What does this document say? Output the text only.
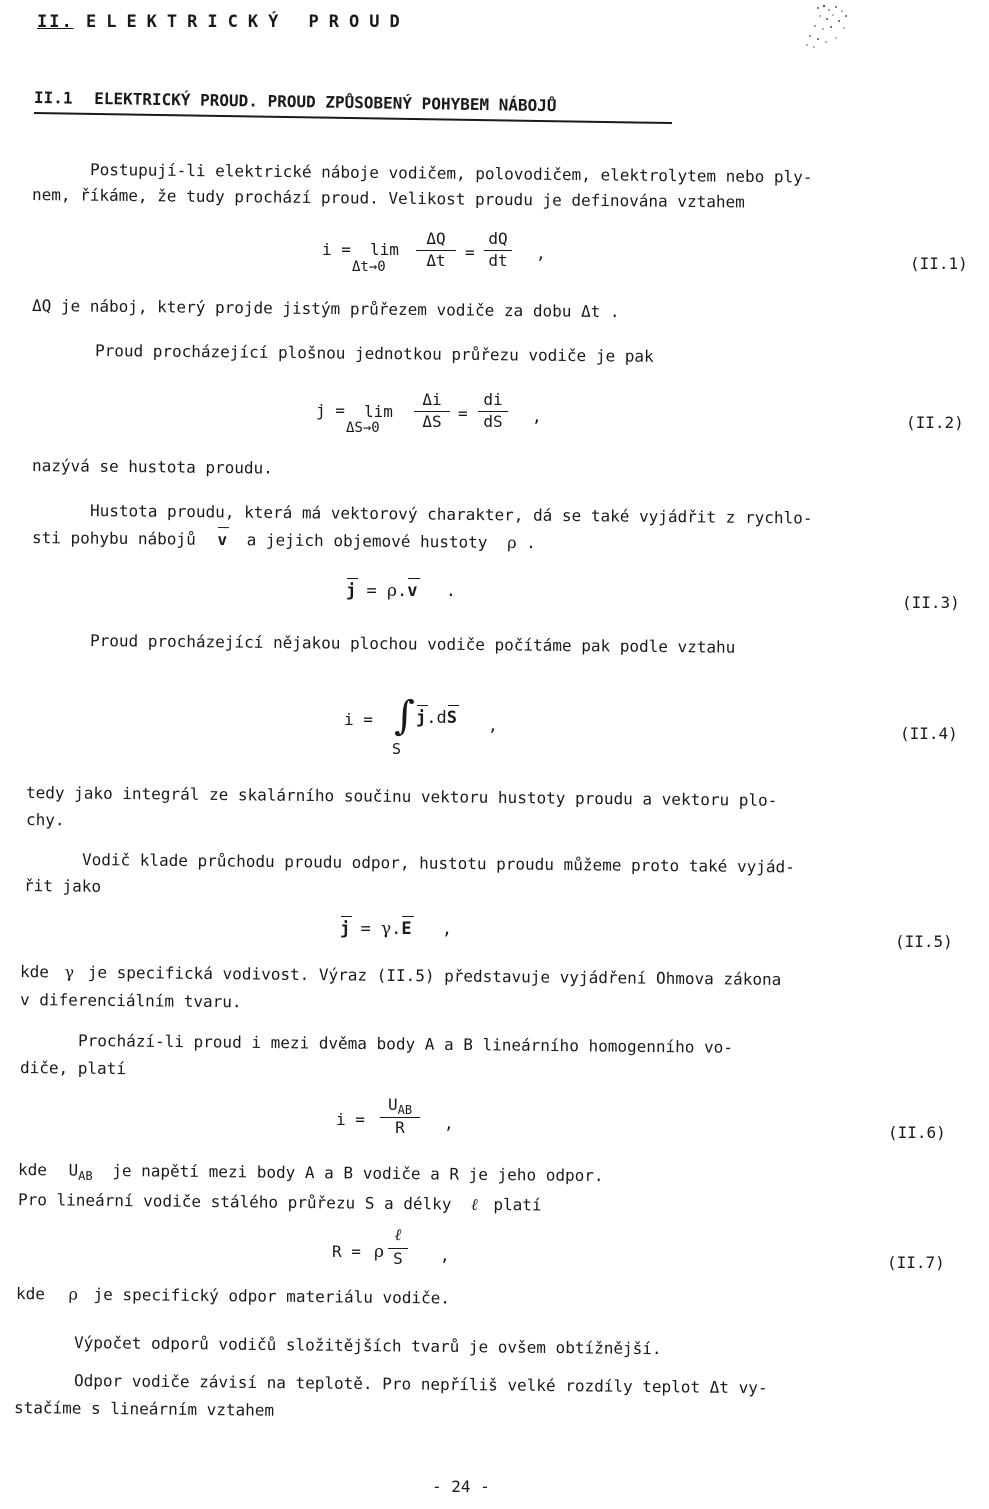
II. ELEKTRICKÝ PROUD
II.1 ELEKTRICKÝ PROUD. PROUD ZPŮSOBENÝ POHYBEM NÁBOJŮ
Postupují-li elektrické náboje vodičem, polovodičem, elektrolytem nebo ply-
nem, říkáme, že tudy prochází proud. Velikost proudu je definována vztahem
i = lim
Δt→0
ΔQ
Δt	=
dQ
dt ,
(II.1)
ΔQ je náboj, který projde jistým průřezem vodiče za dobu Δt .
Proud procházející plošnou jednotkou průřezu vodiče je pak
j = lim
ΔS→0
Δi
ΔS	=
di
dS	,	(II.2)
nazývá se hustota proudu.
Hustota proudu, která má vektorový charakter, dá se také vyjádřit z rychlo-
sti pohybu nábojů v a jejich objemové hustoty ρ .
j = ρ.v .
(II.3)
Proud procházející nějakou plochou vodiče počítáme pak podle vztahu
i = ∫
S
j.dS ,	(II.4)
tedy jako integrál ze skalárního součinu vektoru hustoty proudu a vektoru plo-
chy.
Vodič klade průchodu proudu odpor, hustotu proudu můžeme proto také vyjád-
řit jako
j = γ.E ,
(II.5)
kde γ je specifická vodivost. Výraz (II.5) představuje vyjádření Ohmova zákona
v diferenciálním tvaru.
Prochází-li proud i mezi dvěma body A a B lineárního homogenního vo-
diče, platí
i =
$U_{AB}$
R	,	(II.6)
kde $U_{AB}$ je napětí mezi body A a B vodiče a R je jeho odpor.
Pro lineární vodiče stálého průřezu S a délky ℓ platí
R = ρ
ℓ
S	,	(II.7)
kde ρ je specifický odpor materiálu vodiče.
Výpočet odporů vodičů složitějších tvarů je ovšem obtížnější.
Odpor vodiče závisí na teplotě. Pro nepříliš velké rozdíly teplot Δt vy-
stačíme s lineárním vztahem
- 24 -
